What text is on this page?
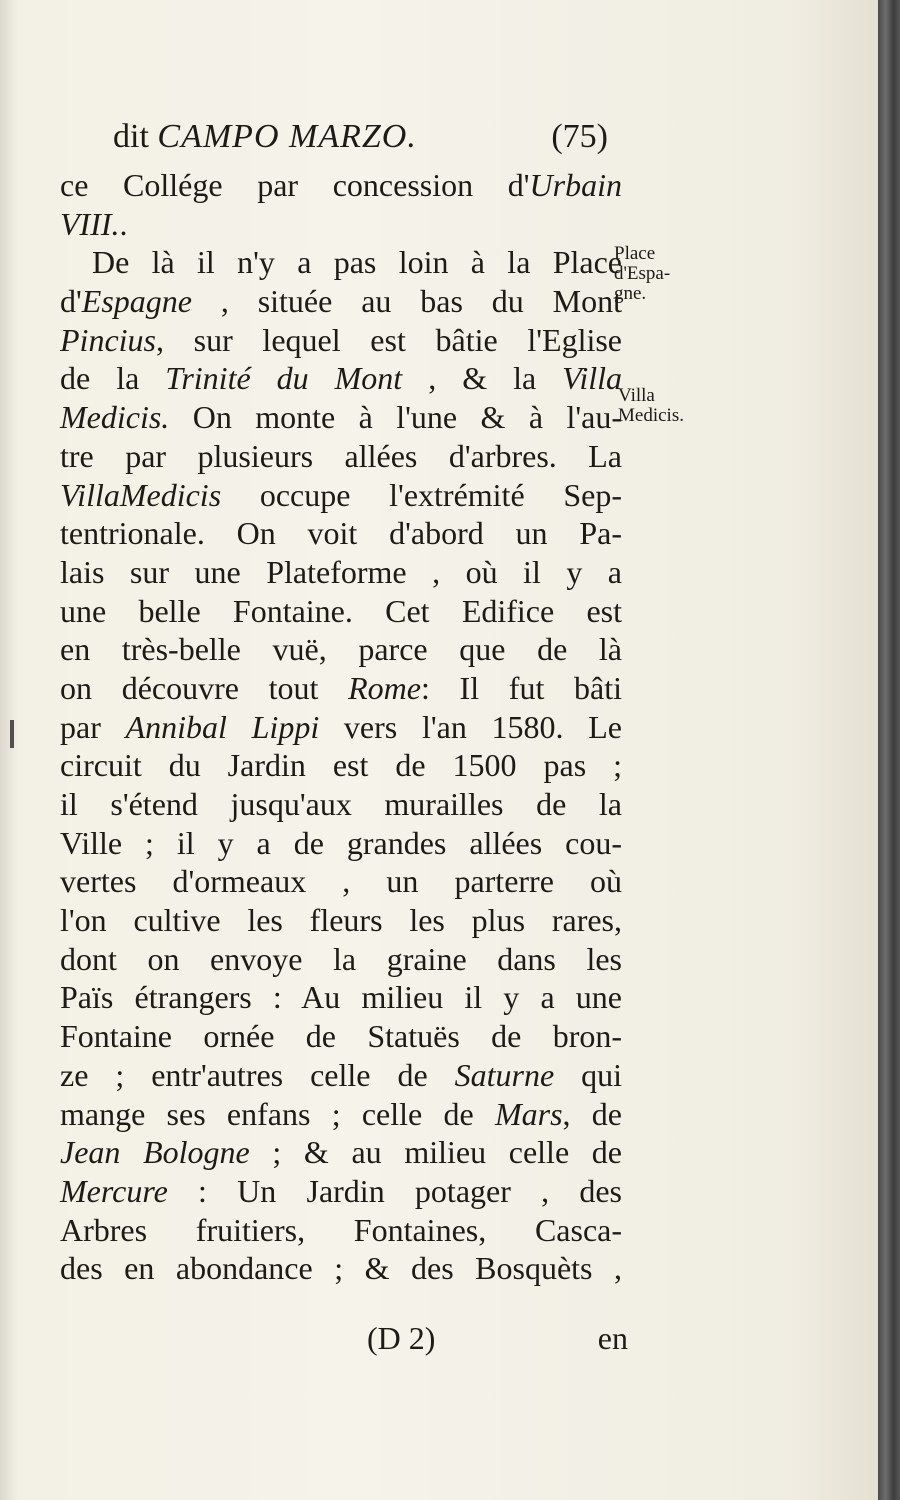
dit CAMPO MARZO.	(75)
ce Collége par concession d'Urbain
VIII..
De là il n'y a pas loin à la Place
d'Espagne , située au bas du Mont
Pincius, sur lequel est bâtie l'Eglise
de la Trinité du Mont , & la Villa
Medicis. On monte à l'une & à l'au-
tre par plusieurs allées d'arbres. La
VillaMedicis occupe l'extrémité Sep-
tentrionale. On voit d'abord un Pa-
lais sur une Plateforme , où il y a
une belle Fontaine. Cet Edifice est
en très-belle vuë, parce que de là
on découvre tout Rome: Il fut bâti
par Annibal Lippi vers l'an 1580. Le
circuit du Jardin est de 1500 pas ;
il s'étend jusqu'aux murailles de la
Ville ; il y a de grandes allées cou-
vertes d'ormeaux , un parterre où
l'on cultive les fleurs les plus rares,
dont on envoye la graine dans les
Païs étrangers : Au milieu il y a une
Fontaine ornée de Statuës de bron-
ze ; entr'autres celle de Saturne qui
mange ses enfans ; celle de Mars, de
Jean Bologne ; & au milieu celle de
Mercure : Un Jardin potager , des
Arbres fruitiers, Fontaines, Cascа-
des en abondance ; & des Bosquèts ,
Place
d'Espa-
gne.
Villa
Medicis.
(D 2)	en
